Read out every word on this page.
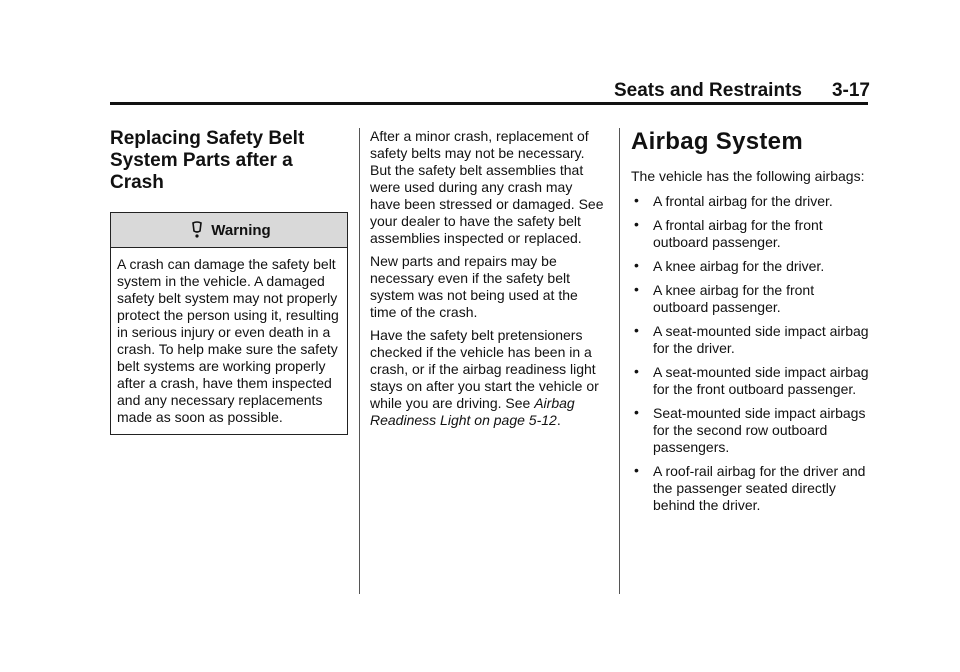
Seats and Restraints 3-17
Replacing Safety Belt System Parts after a Crash
Warning
A crash can damage the safety belt system in the vehicle. A damaged safety belt system may not properly protect the person using it, resulting in serious injury or even death in a crash. To help make sure the safety belt systems are working properly after a crash, have them inspected and any necessary replacements made as soon as possible.

After a minor crash, replacement of safety belts may not be necessary. But the safety belt assemblies that were used during any crash may have been stressed or damaged. See your dealer to have the safety belt assemblies inspected or replaced.

New parts and repairs may be necessary even if the safety belt system was not being used at the time of the crash.

Have the safety belt pretensioners checked if the vehicle has been in a crash, or if the airbag readiness light stays on after you start the vehicle or while you are driving. See Airbag Readiness Light on page 5-12.

Airbag System

The vehicle has the following airbags:

• A frontal airbag for the driver.
• A frontal airbag for the front outboard passenger.
• A knee airbag for the driver.
• A knee airbag for the front outboard passenger.
• A seat-mounted side impact airbag for the driver.
• A seat-mounted side impact airbag for the front outboard passenger.
• Seat-mounted side impact airbags for the second row outboard passengers.
• A roof-rail airbag for the driver and the passenger seated directly behind the driver.
